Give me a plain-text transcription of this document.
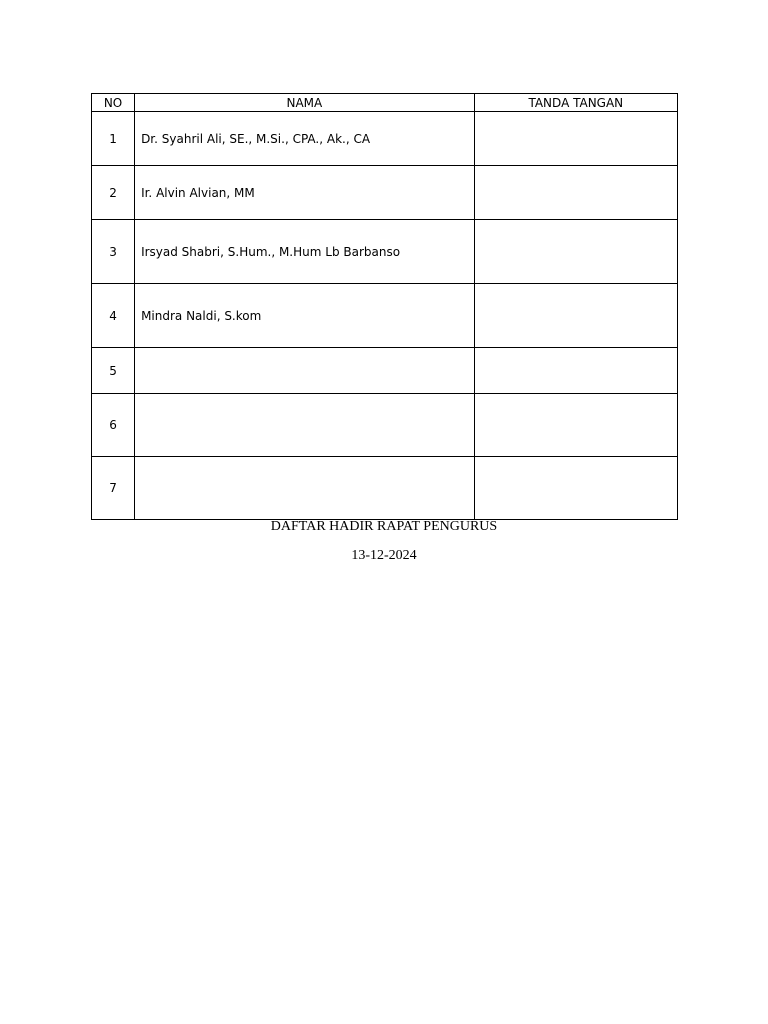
NO	NAMA	TANDA TANGAN
1	Dr. Syahril Ali, SE., M.Si., CPA., Ak., CA	
2	Ir. Alvin Alvian, MM	
3	Irsyad Shabri, S.Hum., M.Hum Lb Barbanso	
4	Mindra Naldi, S.kom	
5		
6		
7		
DAFTAR HADIR RAPAT PENGURUS
13-12-2024
